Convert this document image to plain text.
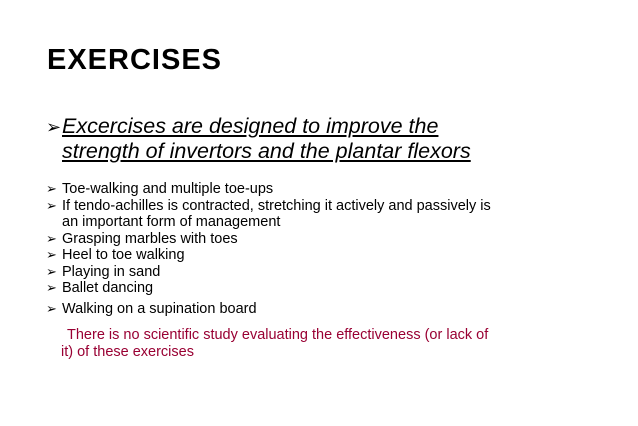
EXERCISES
➢Excercises are designed to improve the
strength of invertors and the plantar flexors
➢ Toe-walking and multiple toe-ups
➢ If tendo-achilles is contracted, stretching it actively and passively is
an important form of management
➢ Grasping marbles with toes
➢ Heel to toe walking
➢ Playing in sand
➢ Ballet dancing
➢ Walking on a supination board
There is no scientific study evaluating the effectiveness (or lack of
it) of these exercises
